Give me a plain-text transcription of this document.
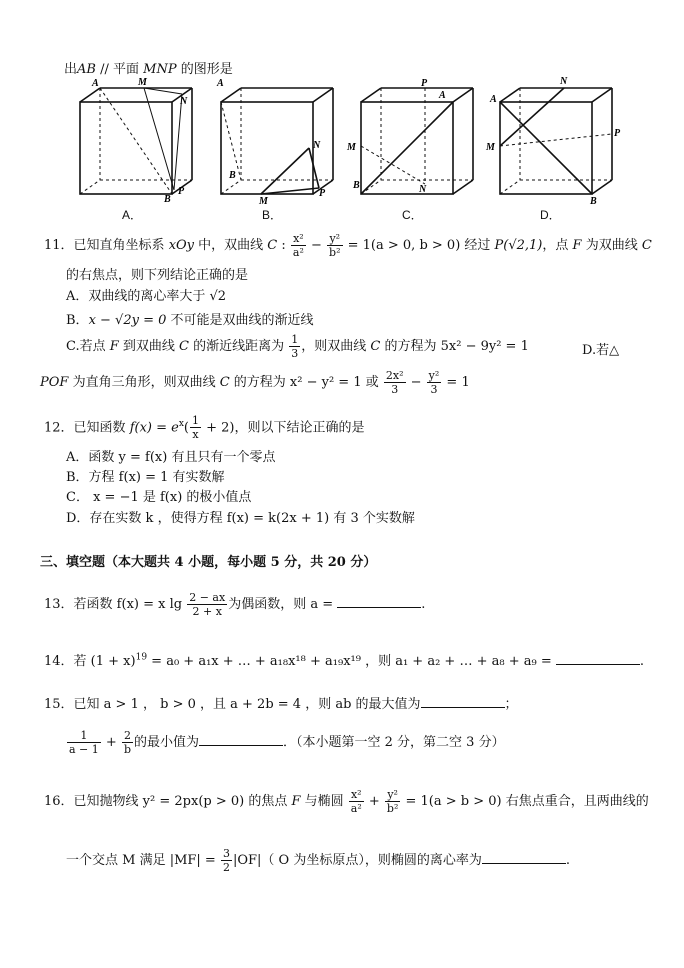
出AB // 平面 MNP 的图形是
A	M
N
B
P
A．
A
N
B
M
P
B．
P
A
M
B	N
C．
N
A
M
P
B
D．
11．已知直角坐标系 xOy 中，双曲线 C : $\frac{\text{x²}}{\text{a²}} - \frac{\text{y²}}{\text{b²}} = 1(a > 0$, b > 0) 经过 P(√2,1)，点 F 为双曲线 C
的右焦点，则下列结论正确的是
A．双曲线的离心率大于 √2
B．x − √2y = 0 不可能是双曲线的渐近线
C.若点 F 到双曲线 C 的渐近线距离为 $\frac{1}{3}$ ，则双曲线 C 的方程为 5x² − 9y² = 1	D.若△
POF 为直角三角形，则双曲线 C 的方程为 x² − y² = 1 或 $\frac{\text{2x²}}{3} - \frac{\text{y²}}{3} = 1$
12．已知函数 $f(x) = e^x( \frac{1}{x} + 2)$，则以下结论正确的是
A．函数 y = f(x) 有且只有一个零点
B．方程 f(x) = 1 有实数解
C． x = −1 是 f(x) 的极小值点
D．存在实数 k ，使得方程 f(x) = k(2x + 1) 有 3 个实数解
三、填空题（本大题共 4 小题，每小题 5 分，共 20 分）
13．若函数 f(x) = x $\lg \frac{2 - ax}{2 + x}$ 为偶函数，则 a =	.
14．若 $(1 + x)^{19} = a_0 + a_1x$ + … + a₁₈x¹⁸ + a₁₉x¹⁹ ，则 a₁ + a₂ + … + a₈ + a₉ =	.
15．已知 a > 1 ， b > 0 ，且 a + 2b = 4 ，则 ab 的最大值为	；
$\frac{1}{a - 1} + \frac{2}{b}$ 的最小值为	．（本小题第一空 2 分，第二空 3 分）
16．已知抛物线 y² = 2px(p > 0) 的焦点 F 与椭圆 $\frac{\text{x²}}{\text{a²}} + \frac{\text{y²}}{\text{b²}} = 1(a > b > 0)$ 右焦点重合，且两曲线的
一个交点 M 满足 $|MF| = \frac{3}{2} |OF|$（ O 为坐标原点），则椭圆的离心率为	.
